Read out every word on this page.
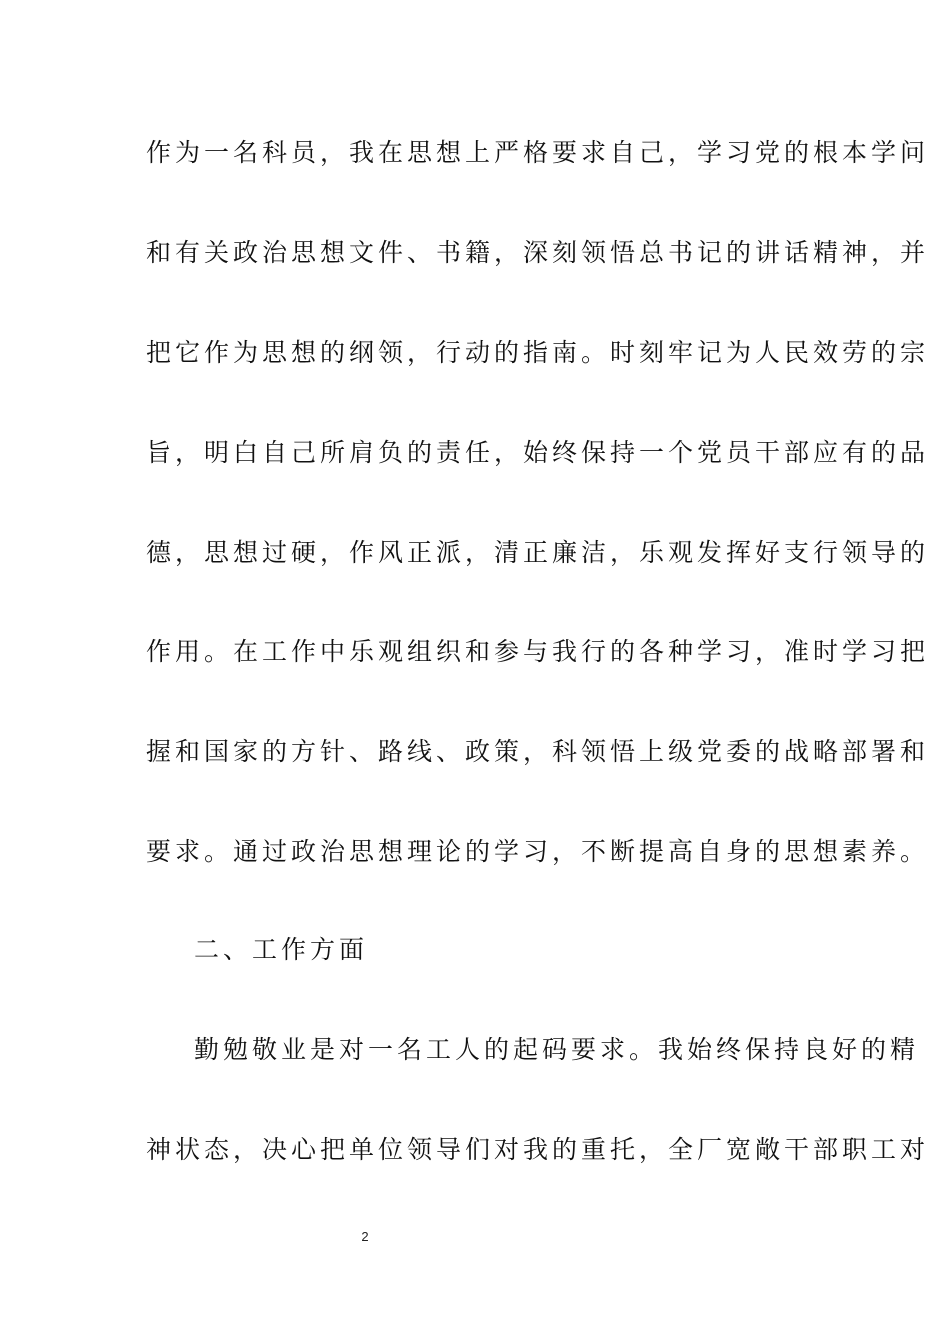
作为一名科员，我在思想上严格要求自己，学习党的根本学问
和有关政治思想文件、书籍，深刻领悟总书记的讲话精神，并
把它作为思想的纲领，行动的指南。时刻牢记为人民效劳的宗
旨，明白自己所肩负的责任，始终保持一个党员干部应有的品
德，思想过硬，作风正派，清正廉洁，乐观发挥好支行领导的
作用。在工作中乐观组织和参与我行的各种学习，准时学习把
握和国家的方针、路线、政策，科领悟上级党委的战略部署和
要求。通过政治思想理论的学习，不断提高自身的思想素养。
二、工作方面
勤勉敬业是对一名工人的起码要求。我始终保持良好的精
神状态，决心把单位领导们对我的重托，全厂宽敞干部职工对
2
